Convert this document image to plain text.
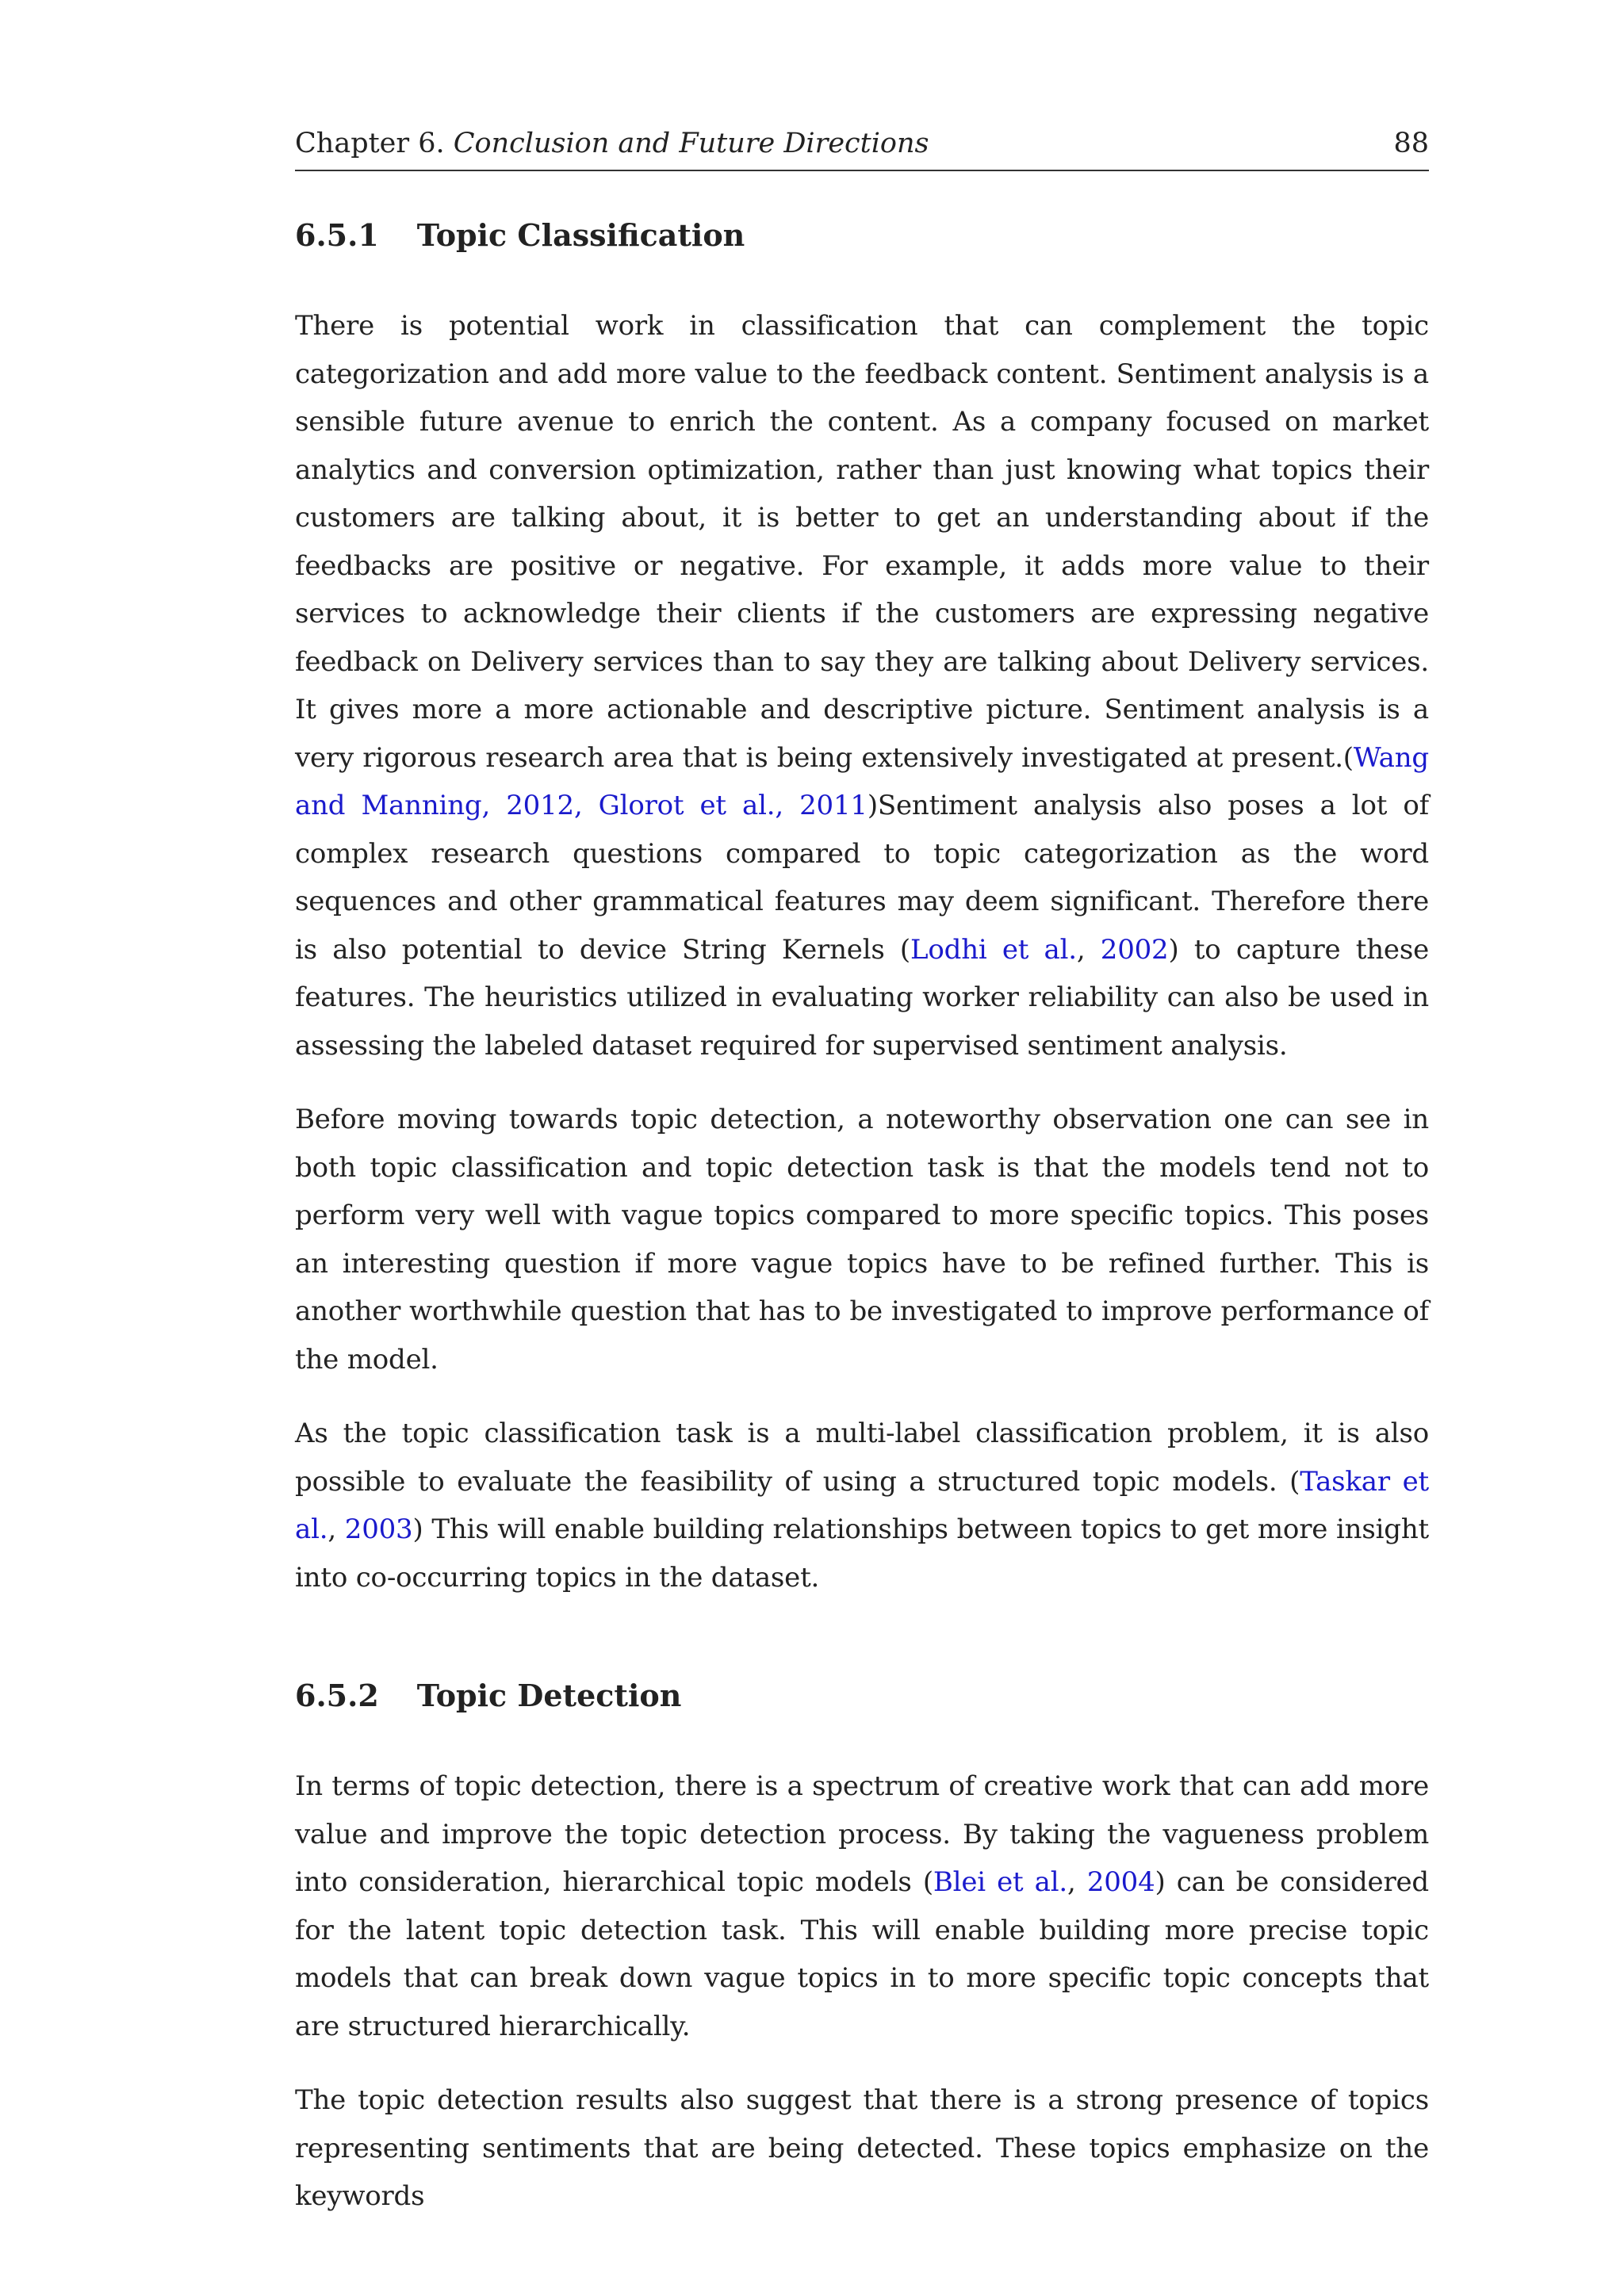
Chapter 6. Conclusion and Future Directions	88
6.5.1 Topic Classification

There is potential work in classification that can complement the topic categorization and add more value to the feedback content. Sentiment analysis is a sensible future avenue to enrich the content. As a company focused on market analytics and conversion optimization, rather than just knowing what topics their customers are talking about, it is better to get an understanding about if the feedbacks are positive or negative. For example, it adds more value to their services to acknowledge their clients if the customers are expressing negative feedback on Delivery services than to say they are talking about Delivery services. It gives more a more actionable and descriptive picture. Sentiment analysis is a very rigorous research area that is being extensively investigated at present.(Wang and Manning, 2012, Glorot et al., 2011)Sentiment analysis also poses a lot of complex research questions compared to topic categorization as the word sequences and other grammatical features may deem significant. Therefore there is also potential to device String Kernels (Lodhi et al., 2002) to capture these features. The heuristics utilized in evaluating worker reliability can also be used in assessing the labeled dataset required for supervised sentiment analysis.

Before moving towards topic detection, a noteworthy observation one can see in both topic classification and topic detection task is that the models tend not to perform very well with vague topics compared to more specific topics. This poses an interesting question if more vague topics have to be refined further. This is another worthwhile question that has to be investigated to improve performance of the model.

As the topic classification task is a multi-label classification problem, it is also possible to evaluate the feasibility of using a structured topic models. (Taskar et al., 2003) This will enable building relationships between topics to get more insight into co-occurring topics in the dataset.

6.5.2 Topic Detection

In terms of topic detection, there is a spectrum of creative work that can add more value and improve the topic detection process. By taking the vagueness problem into consideration, hierarchical topic models (Blei et al., 2004) can be considered for the latent topic detection task. This will enable building more precise topic models that can break down vague topics in to more specific topic concepts that are structured hierarchically.

The topic detection results also suggest that there is a strong presence of topics representing sentiments that are being detected. These topics emphasize on the keywords
